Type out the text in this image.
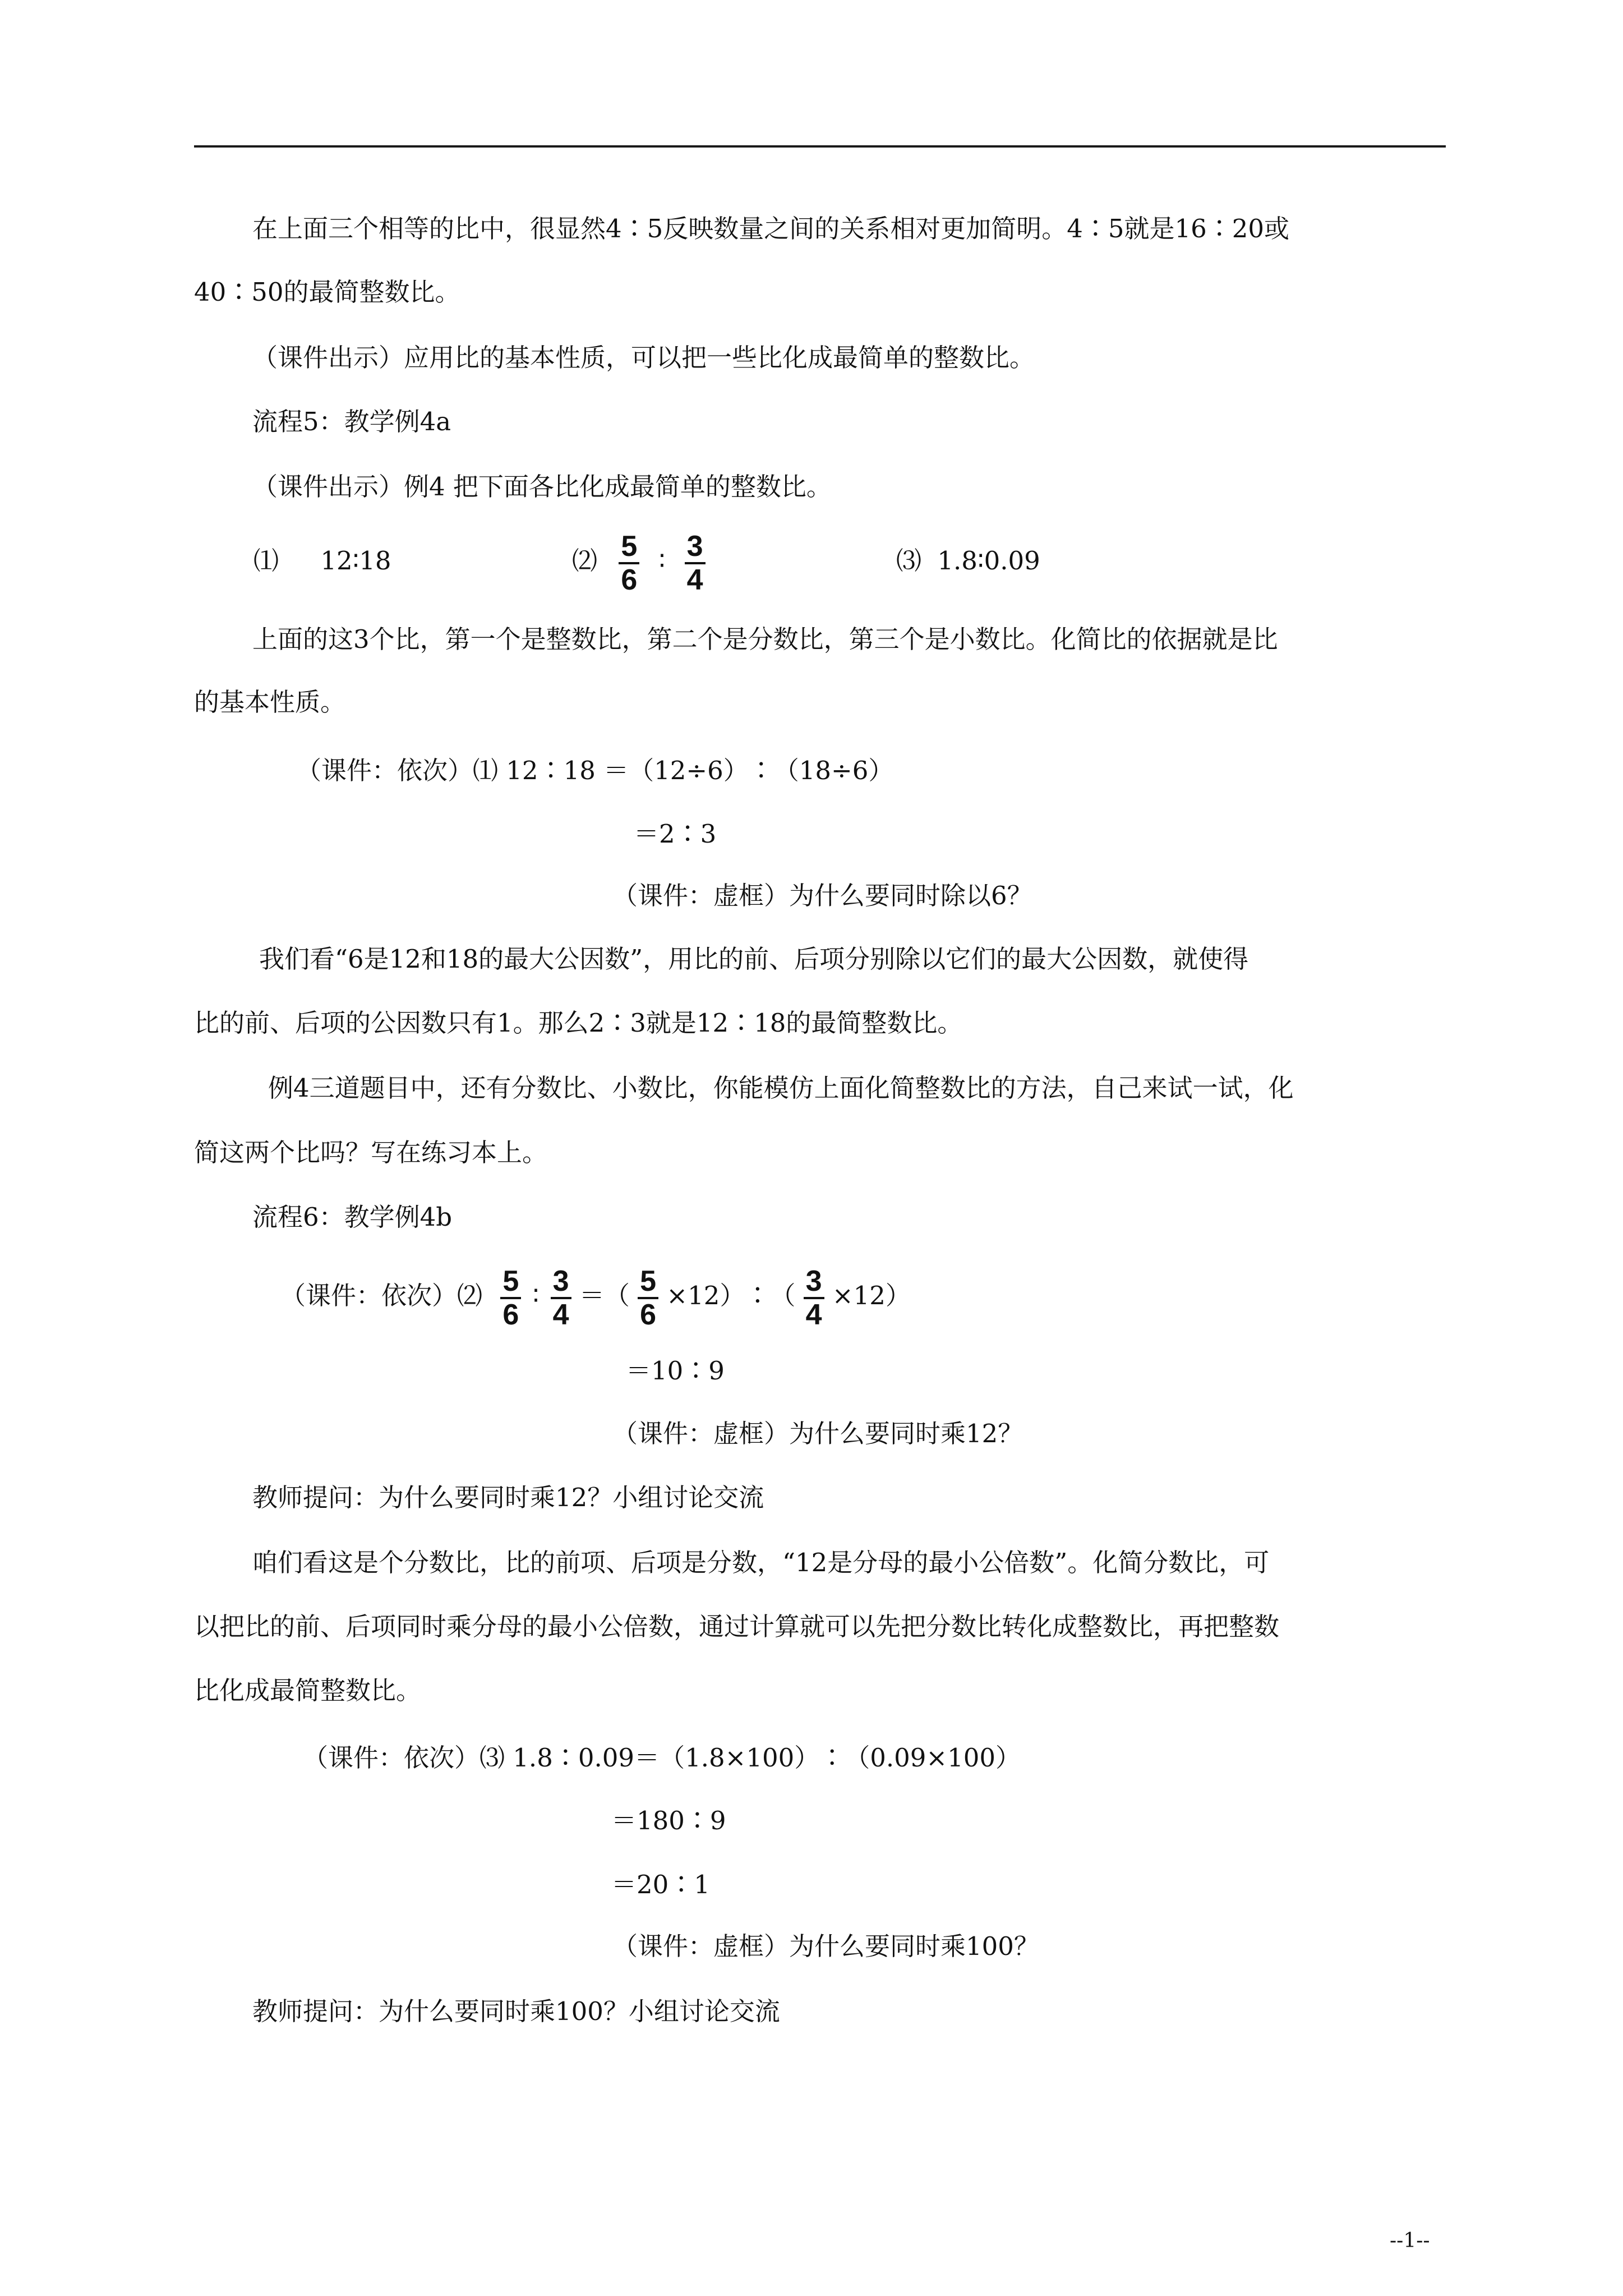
在上面三个相等的比中，很显然4∶5反映数量之间的关系相对更加简明。4∶5就是16∶20或
40∶50的最简整数比。
（课件出示）应用比的基本性质，可以把一些比化成最简单的整数比。
流程5：教学例4a
（课件出示）例4 把下面各比化成最简单的整数比。
⑴ 12∶18	⑵ $\frac{5}{6}$ ∶ $\frac{3}{4}$	⑶ 1.8∶0.09
上面的这3个比，第一个是整数比，第二个是分数比，第三个是小数比。化简比的依据就是比
的基本性质。
（课件：依次）⑴ 12∶18 ＝（12÷6）∶（18÷6）
＝2∶3
（课件：虚框）为什么要同时除以6？
我们看“6是12和18的最大公因数”，用比的前、后项分别除以它们的最大公因数，就使得
比的前、后项的公因数只有1。那么2∶3就是12∶18的最简整数比。
例4三道题目中，还有分数比、小数比，你能模仿上面化简整数比的方法，自己来试一试，化
简这两个比吗？写在练习本上。
流程6：教学例4b
（课件：依次）⑵ $\frac{5}{6}$ ∶ $\frac{3}{4}$ ＝（ $\frac{5}{6}$ ×12）∶（ $\frac{3}{4} \times 12$）
＝10∶9
（课件：虚框）为什么要同时乘12？
教师提问：为什么要同时乘12？小组讨论交流
咱们看这是个分数比，比的前项、后项是分数，“12是分母的最小公倍数”。化简分数比，可
以把比的前、后项同时乘分母的最小公倍数，通过计算就可以先把分数比转化成整数比，再把整数
比化成最简整数比。
（课件：依次）⑶ 1.8∶0.09＝（1.8×100）∶（0.09×100）
＝180∶9
＝20∶1
（课件：虚框）为什么要同时乘100？
教师提问：为什么要同时乘100？小组讨论交流
--1--
